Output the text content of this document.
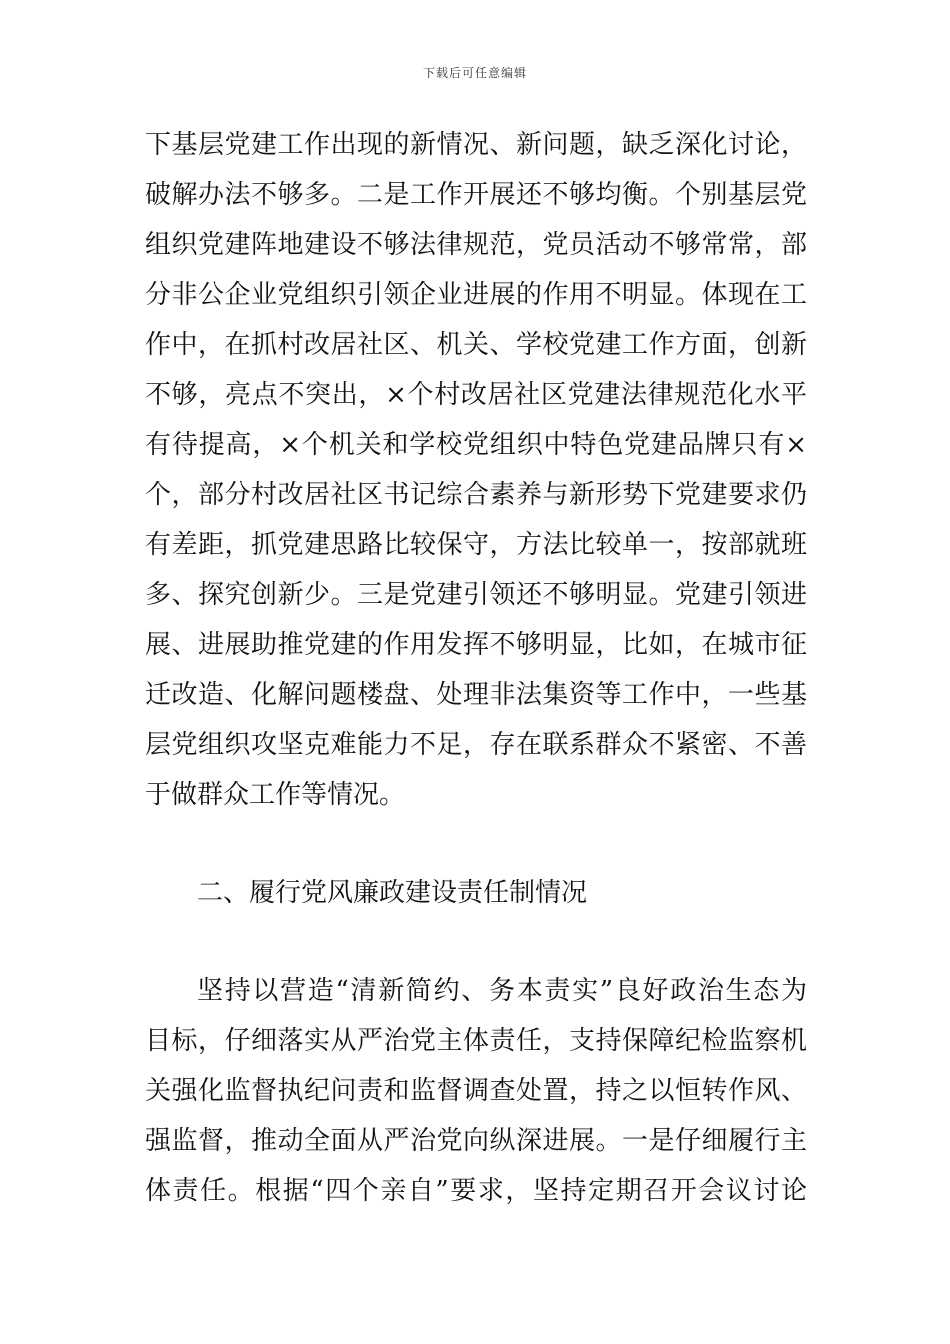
下载后可任意编辑
下基层党建工作出现的新情况、新问题，缺乏深化讨论，
破解办法不够多。二是工作开展还不够均衡。个别基层党
组织党建阵地建设不够法律规范，党员活动不够常常，部
分非公企业党组织引领企业进展的作用不明显。体现在工
作中，在抓村改居社区、机关、学校党建工作方面，创新
不够，亮点不突出，×个村改居社区党建法律规范化水平
有待提高，×个机关和学校党组织中特色党建品牌只有×
个，部分村改居社区书记综合素养与新形势下党建要求仍
有差距，抓党建思路比较保守，方法比较单一，按部就班
多、探究创新少。三是党建引领还不够明显。党建引领进
展、进展助推党建的作用发挥不够明显，比如，在城市征
迁改造、化解问题楼盘、处理非法集资等工作中，一些基
层党组织攻坚克难能力不足，存在联系群众不紧密、不善
于做群众工作等情况。
二、履行党风廉政建设责任制情况
坚持以营造“清新简约、务本责实”良好政治生态为
目标，仔细落实从严治党主体责任，支持保障纪检监察机
关强化监督执纪问责和监督调查处置，持之以恒转作风、
强监督，推动全面从严治党向纵深进展。一是仔细履行主
体责任。根据“四个亲自”要求，坚持定期召开会议讨论
